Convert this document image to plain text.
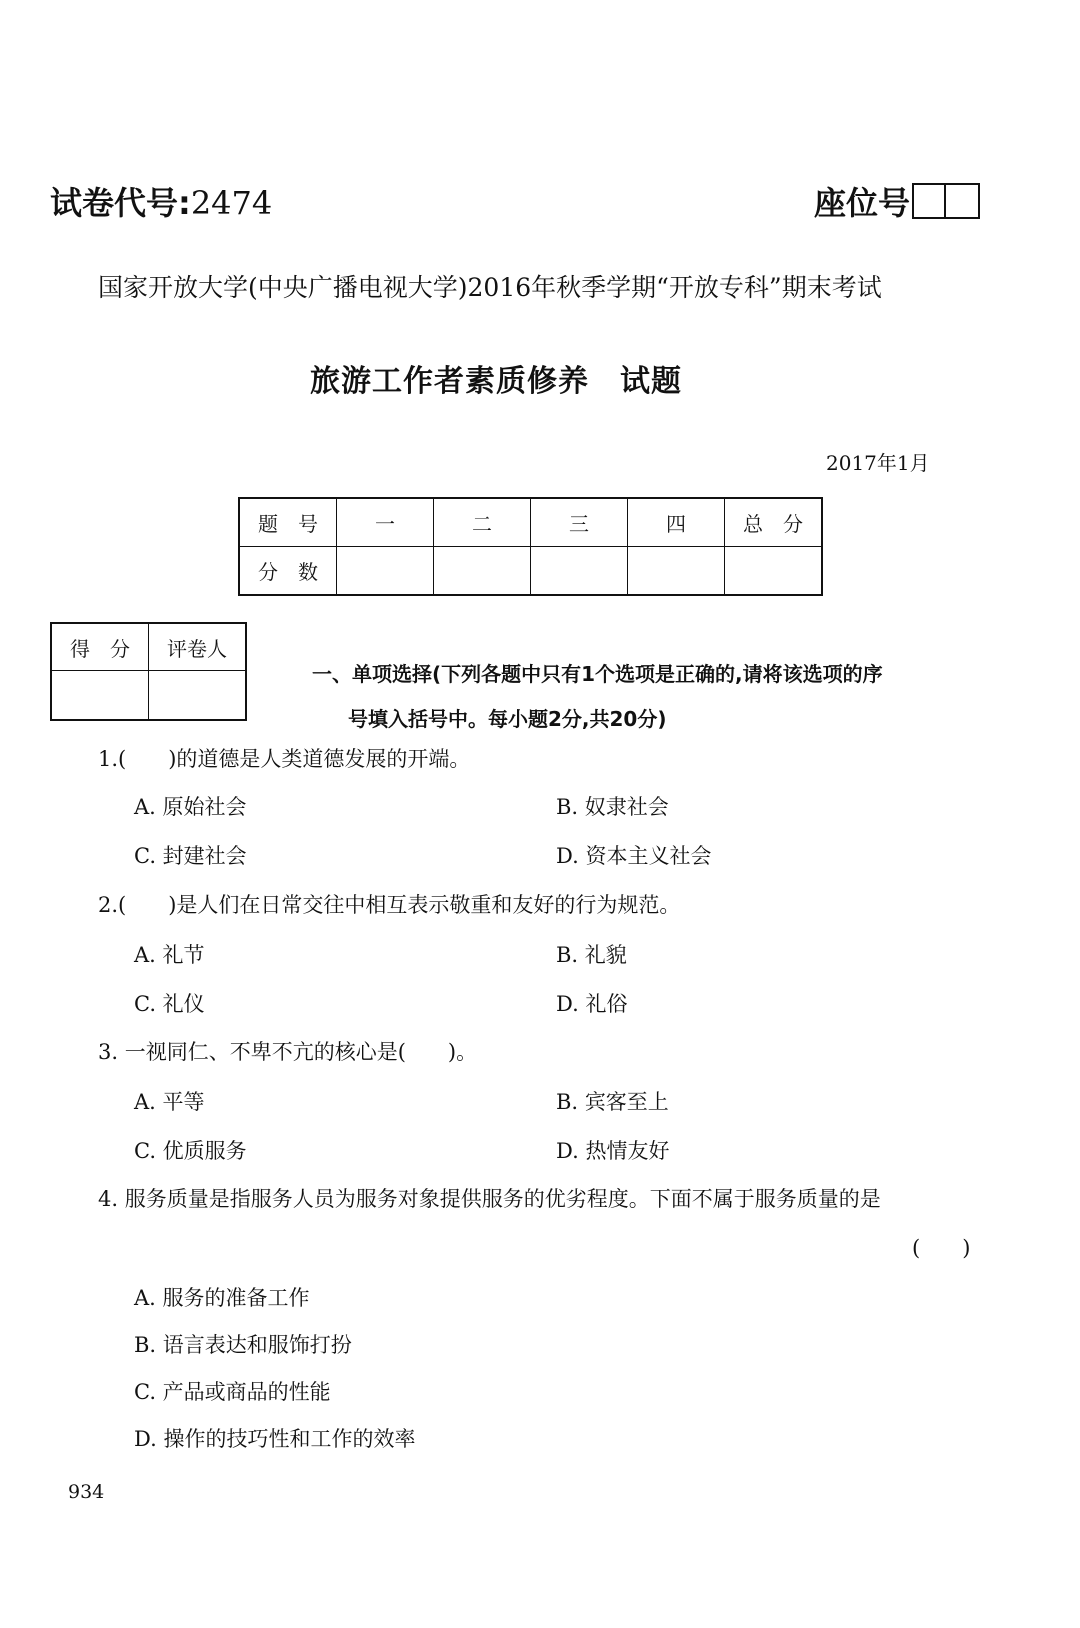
试卷代号:2474	座位号
国家开放大学(中央广播电视大学)2016年秋季学期“开放专科”期末考试
旅游工作者素质修养　试题
2017年1月
题　号	一	二	三	四	总　分
分　数					
得　分	评卷人

一、单项选择(下列各题中只有1个选项是正确的,请将该选项的序
号填入括号中。每小题2分,共20分)
1.(　　)的道德是人类道德发展的开端。
A. 原始社会	B. 奴隶社会
C. 封建社会	D. 资本主义社会
2.(　　)是人们在日常交往中相互表示敬重和友好的行为规范。
A. 礼节	B. 礼貌
C. 礼仪	D. 礼俗
3. 一视同仁、不卑不亢的核心是(　　)。
A. 平等	B. 宾客至上
C. 优质服务	D. 热情友好
4. 服务质量是指服务人员为服务对象提供服务的优劣程度。下面不属于服务质量的是
(　　)
A. 服务的准备工作
B. 语言表达和服饰打扮
C. 产品或商品的性能
D. 操作的技巧性和工作的效率
934
